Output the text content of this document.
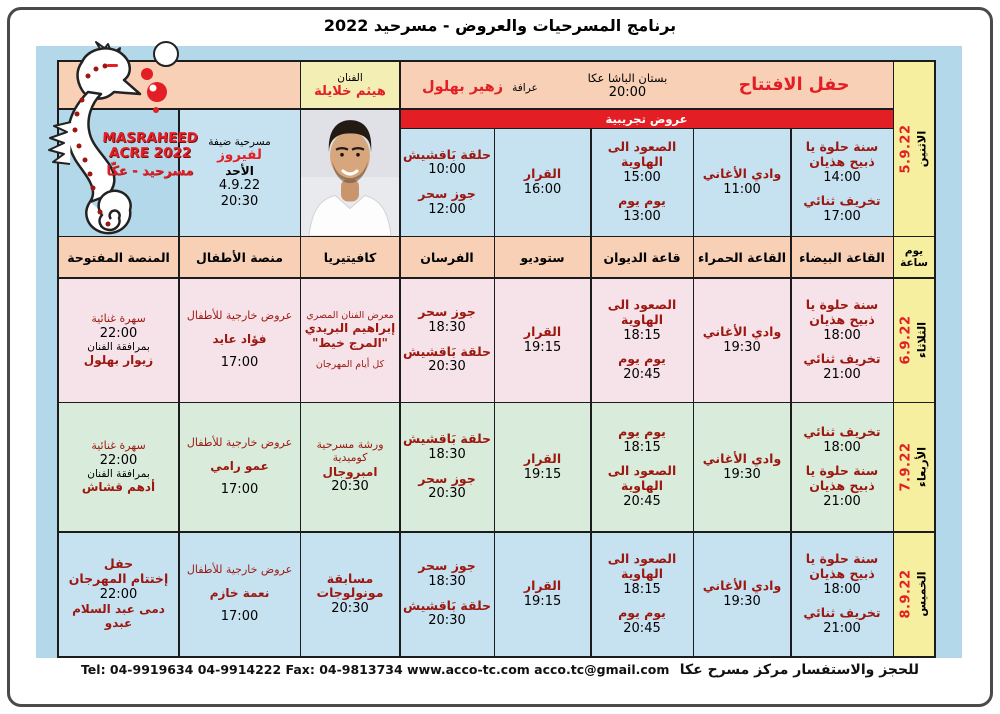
برنامج المسرحيات والعروض - مسرحيد 2022
MASRAHEED
ACRE 2022
مسرحيد - عكّا	5.9.22 الاثنين
حفل الافتتاح
بستان الباشا عكا
20:00
عرافة زهير بهلول
الفنان
هيثم خلايلة
عروض تجريبية
سنة حلوة يا ذبيح هذيان
14:00
تخريف ثنائي
17:00
وادي الأغاني
11:00
الصعود الى الهاوية
15:00
يوم يوم
13:00
القرار
16:00
حلقة بَاقشيش
10:00
جوز سحر
12:00
مسرحية ضيفة
لفيروز
الأحد
4.9.22
20:30
يوم
ساعة
القاعة البيضاء
القاعة الحمراء
قاعة الديوان
ستوديو
الفرسان
كافيتيريا
منصة الأطفال
المنصة المفتوحة
6.9.22 الثلاثاء
سنة حلوة يا ذبيح هذيان
18:00
تخريف ثنائي
21:00
وادي الأغاني
19:30
الصعود الى الهاوية
18:15
يوم يوم
20:45
القرار
19:15
جوز سحر
18:30
حلقة بَاقشيش
20:30
معرض الفنان المصري
إبراهيم البريدي
"المرج خيط"
كل أيام المهرجان
عروض خارجية للأطفال
فؤاد عايد
17:00
سهرة غنائية
22:00
بمرافقة الفنان
زيوار بهلول
7.9.22 الأربعاء
تخريف ثنائي
18:00
سنة حلوة يا ذبيح هذيان
21:00
وادي الأغاني
19:30
يوم يوم
18:15
الصعود الى الهاوية
20:45
القرار
19:15
حلقة بَاقشيش
18:30
جوز سحر
20:30
ورشة مسرحية كوميدية
امبروجال
20:30
عروض خارجية للأطفال
عمو رامي
17:00
سهرة غنائية
22:00
بمرافقة الفنان
أدهم قشاش
8.9.22 الخميس
سنة حلوة يا ذبيح هذيان
18:00
تخريف ثنائي
21:00
وادي الأغاني
19:30
الصعود الى الهاوية
18:15
يوم يوم
20:45
القرار
19:15
جوز سحر
18:30
حلقة بَاقشيش
20:30
مسابقة مونولوجات
20:30
عروض خارجية للأطفال
نعمة خازم
17:00
حفل
إختتام المهرجان
22:00
دمى عبد السلام عبدو
Tel: 04-9919634 04-9914222 Fax: 04-9813734 www.acco-tc.com acco.tc@gmail.com للحجز والاستفسار مركز مسرح عكا
